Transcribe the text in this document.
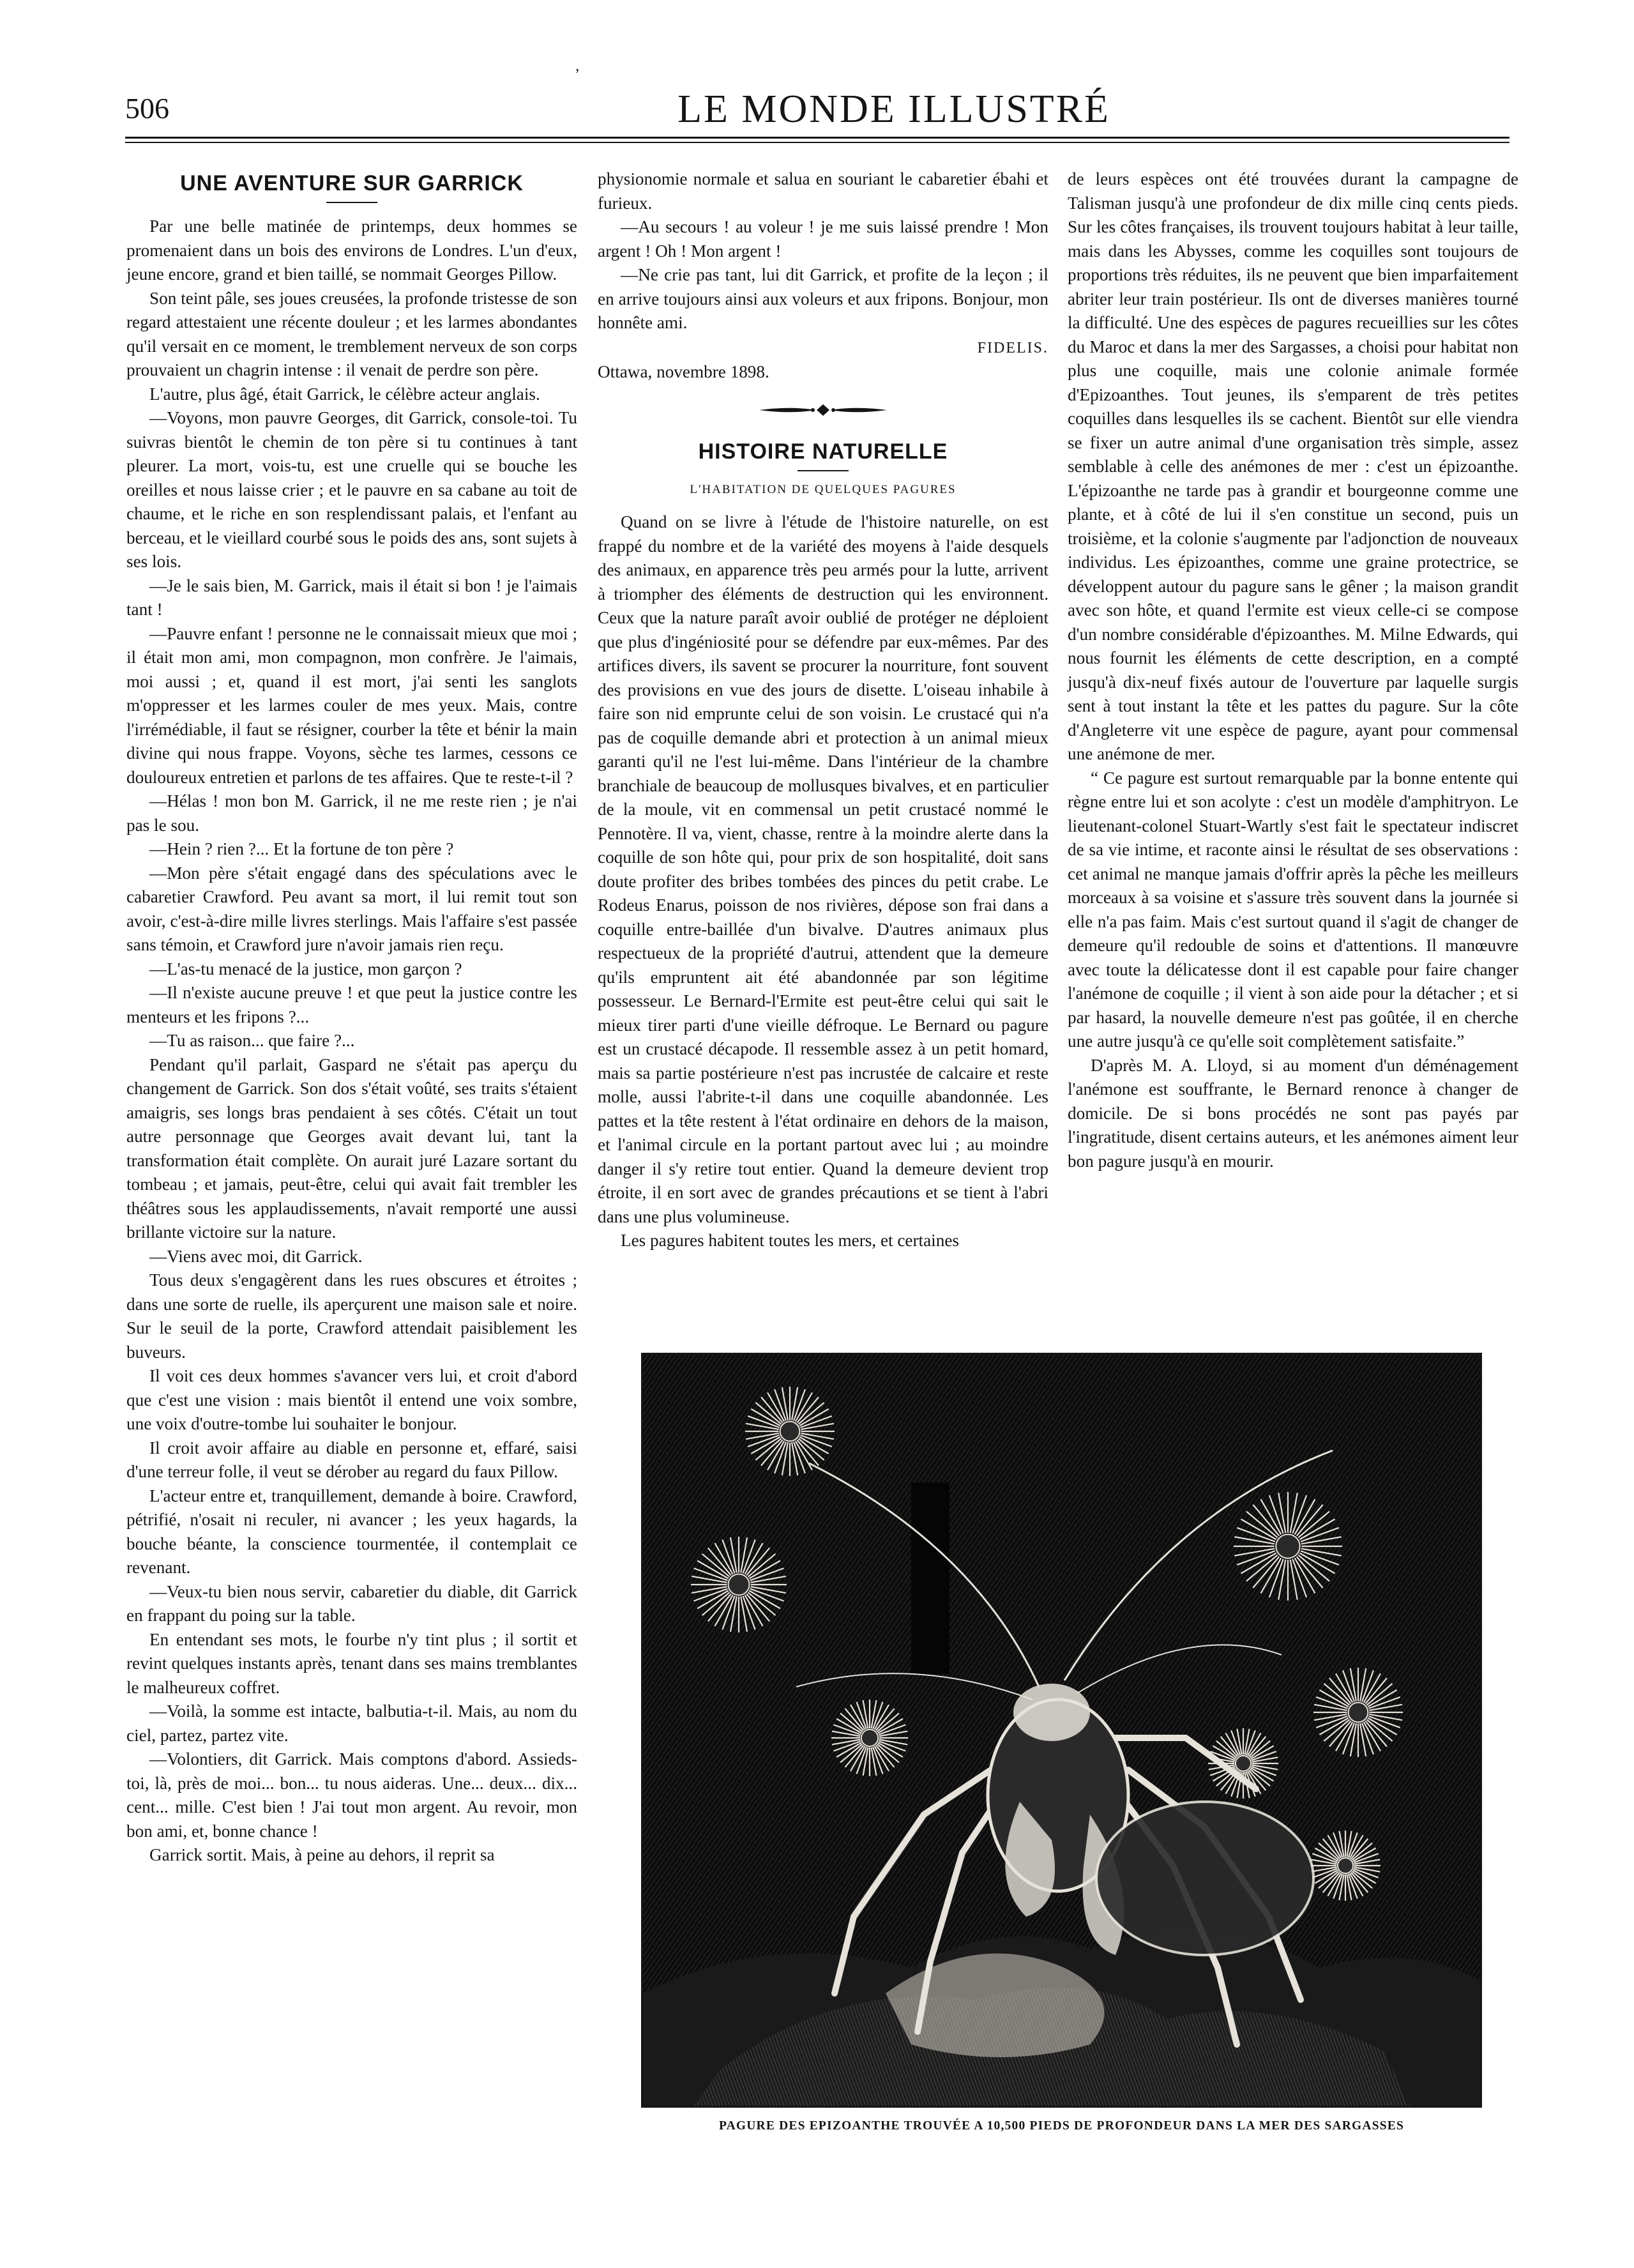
ʼ
506	LE MONDE ILLUSTRÉ
UNE AVENTURE SUR GARRICK

Par une belle matinée de printemps, deux hommes se promenaient dans un bois des environs de Londres. L'un d'eux, jeune encore, grand et bien taillé, se nommait Georges Pillow.

Son teint pâle, ses joues creusées, la profonde tristesse de son regard attestaient une récente douleur ; et les larmes abondantes qu'il versait en ce moment, le tremblement nerveux de son corps prouvaient un chagrin intense : il venait de perdre son père.

L'autre, plus âgé, était Garrick, le célèbre acteur anglais.

—Voyons, mon pauvre Georges, dit Garrick, console-toi. Tu suivras bientôt le chemin de ton père si tu continues à tant pleurer. La mort, vois-tu, est une cruelle qui se bouche les oreilles et nous laisse crier ; et le pauvre en sa cabane au toit de chaume, et le riche en son resplendissant palais, et l'enfant au berceau, et le vieillard courbé sous le poids des ans, sont sujets à ses lois.

—Je le sais bien, M. Garrick, mais il était si bon ! je l'aimais tant !

—Pauvre enfant ! personne ne le connaissait mieux que moi ; il était mon ami, mon compagnon, mon confrère. Je l'aimais, moi aussi ; et, quand il est mort, j'ai senti les sanglots m'oppresser et les larmes couler de mes yeux. Mais, contre l'irrémédiable, il faut se résigner, courber la tête et bénir la main divine qui nous frappe. Voyons, sèche tes larmes, cessons ce douloureux entretien et parlons de tes affaires. Que te reste-t-il ?

—Hélas ! mon bon M. Garrick, il ne me reste rien ; je n'ai pas le sou.

—Hein ? rien ?... Et la fortune de ton père ?

—Mon père s'était engagé dans des spéculations avec le cabaretier Crawford. Peu avant sa mort, il lui remit tout son avoir, c'est-à-dire mille livres sterlings. Mais l'affaire s'est passée sans témoin, et Crawford jure n'avoir jamais rien reçu.

—L'as-tu menacé de la justice, mon garçon ?

—Il n'existe aucune preuve ! et que peut la justice contre les menteurs et les fripons ?...

—Tu as raison... que faire ?...

Pendant qu'il parlait, Gaspard ne s'était pas aperçu du changement de Garrick. Son dos s'était voûté, ses traits s'étaient amaigris, ses longs bras pendaient à ses côtés. C'était un tout autre personnage que Georges avait devant lui, tant la transformation était complète. On aurait juré Lazare sortant du tombeau ; et jamais, peut-être, celui qui avait fait trembler les théâtres sous les applaudissements, n'avait remporté une aussi brillante victoire sur la nature.

—Viens avec moi, dit Garrick.

Tous deux s'engagèrent dans les rues obscures et étroites ; dans une sorte de ruelle, ils aperçurent une maison sale et noire. Sur le seuil de la porte, Crawford attendait paisiblement les buveurs.

Il voit ces deux hommes s'avancer vers lui, et croit d'abord que c'est une vision : mais bientôt il entend une voix sombre, une voix d'outre-tombe lui souhaiter le bonjour.

Il croit avoir affaire au diable en personne et, effaré, saisi d'une terreur folle, il veut se dérober au regard du faux Pillow.

L'acteur entre et, tranquillement, demande à boire. Crawford, pétrifié, n'osait ni reculer, ni avancer ; les yeux hagards, la bouche béante, la conscience tourmentée, il contemplait ce revenant.

—Veux-tu bien nous servir, cabaretier du diable, dit Garrick en frappant du poing sur la table.

En entendant ses mots, le fourbe n'y tint plus ; il sortit et revint quelques instants après, tenant dans ses mains tremblantes le malheureux coffret.

—Voilà, la somme est intacte, balbutia-t-il. Mais, au nom du ciel, partez, partez vite.

—Volontiers, dit Garrick. Mais comptons d'abord. Assieds-toi, là, près de moi... bon... tu nous aideras. Une... deux... dix... cent... mille. C'est bien ! J'ai tout mon argent. Au revoir, mon bon ami, et, bonne chance !

Garrick sortit. Mais, à peine au dehors, il reprit sa

physionomie normale et salua en souriant le cabaretier ébahi et furieux.

—Au secours ! au voleur ! je me suis laissé prendre ! Mon argent ! Oh ! Mon argent !

—Ne crie pas tant, lui dit Garrick, et profite de la leçon ; il en arrive toujours ainsi aux voleurs et aux fripons. Bonjour, mon honnête ami.

FIDELIS.

Ottawa, novembre 1898.

HISTOIRE NATURELLE
L'HABITATION DE QUELQUES PAGURES

Quand on se livre à l'étude de l'histoire naturelle, on est frappé du nombre et de la variété des moyens à l'aide desquels des animaux, en apparence très peu armés pour la lutte, arrivent à triompher des éléments de destruction qui les environnent. Ceux que la nature paraît avoir oublié de protéger ne déploient que plus d'ingéniosité pour se défendre par eux-mêmes. Par des artifices divers, ils savent se procurer la nourriture, font souvent des provisions en vue des jours de disette. L'oiseau inhabile à faire son nid emprunte celui de son voisin. Le crustacé qui n'a pas de coquille demande abri et protection à un animal mieux garanti qu'il ne l'est lui-même. Dans l'intérieur de la chambre branchiale de beaucoup de mollusques bivalves, et en particulier de la moule, vit en commensal un petit crustacé nommé le Pennotère. Il va, vient, chasse, rentre à la moindre alerte dans la coquille de son hôte qui, pour prix de son hospitalité, doit sans doute profiter des bribes tombées des pinces du petit crabe. Le Rodeus Enarus, poisson de nos rivières, dépose son frai dans a coquille entre-baillée d'un bivalve. D'autres animaux plus respectueux de la propriété d'autrui, attendent que la demeure qu'ils empruntent ait été abandonnée par son légitime possesseur. Le Bernard-l'Ermite est peut-être celui qui sait le mieux tirer parti d'une vieille défroque. Le Bernard ou pagure est un crustacé décapode. Il ressemble assez à un petit homard, mais sa partie postérieure n'est pas incrustée de calcaire et reste molle, aussi l'abrite-t-il dans une coquille abandonnée. Les pattes et la tête restent à l'état ordinaire en dehors de la maison, et l'animal circule en la portant partout avec lui ; au moindre danger il s'y retire tout entier. Quand la demeure devient trop étroite, il en sort avec de grandes précautions et se tient à l'abri dans une plus volumineuse.

Les pagures habitent toutes les mers, et certaines

de leurs espèces ont été trouvées durant la campagne de Talisman jusqu'à une profondeur de dix mille cinq cents pieds. Sur les côtes françaises, ils trouvent toujours habitat à leur taille, mais dans les Abysses, comme les coquilles sont toujours de proportions très réduites, ils ne peuvent que bien imparfaitement abriter leur train postérieur. Ils ont de diverses manières tourné la difficulté. Une des espèces de pagures recueillies sur les côtes du Maroc et dans la mer des Sargasses, a choisi pour habitat non plus une coquille, mais une colonie animale formée d'Epizoanthes. Tout jeunes, ils s'emparent de très petites coquilles dans lesquelles ils se cachent. Bientôt sur elle viendra se fixer un autre animal d'une organisation très simple, assez semblable à celle des anémones de mer : c'est un épizoanthe. L'épizoanthe ne tarde pas à grandir et bourgeonne comme une plante, et à côté de lui il s'en constitue un second, puis un troisième, et la colonie s'augmente par l'adjonction de nouveaux individus. Les épizoanthes, comme une graine protectrice, se développent autour du pagure sans le gêner ; la maison grandit avec son hôte, et quand l'ermite est vieux celle-ci se compose d'un nombre considérable d'épizoanthes. M. Milne Edwards, qui nous fournit les éléments de cette description, en a compté jusqu'à dix-neuf fixés autour de l'ouverture par laquelle surgis sent à tout instant la tête et les pattes du pagure. Sur la côte d'Angleterre vit une espèce de pagure, ayant pour commensal une anémone de mer.

“ Ce pagure est surtout remarquable par la bonne entente qui règne entre lui et son acolyte : c'est un modèle d'amphitryon. Le lieutenant-colonel Stuart-Wartly s'est fait le spectateur indiscret de sa vie intime, et raconte ainsi le résultat de ses observations : cet animal ne manque jamais d'offrir après la pêche les meilleurs morceaux à sa voisine et s'assure très souvent dans la journée si elle n'a pas faim. Mais c'est surtout quand il s'agit de changer de demeure qu'il redouble de soins et d'attentions. Il manœuvre avec toute la délicatesse dont il est capable pour faire changer l'anémone de coquille ; il vient à son aide pour la détacher ; et si par hasard, la nouvelle demeure n'est pas goûtée, il en cherche une autre jusqu'à ce qu'elle soit complètement satisfaite.”

D'après M. A. Lloyd, si au moment d'un déménagement l'anémone est souffrante, le Bernard renonce à changer de domicile. De si bons procédés ne sont pas payés par l'ingratitude, disent certains auteurs, et les anémones aiment leur bon pagure jusqu'à en mourir.

PAGURE DES EPIZOANTHE TROUVÉE A 10,500 PIEDS DE PROFONDEUR DANS LA MER DES SARGASSES
